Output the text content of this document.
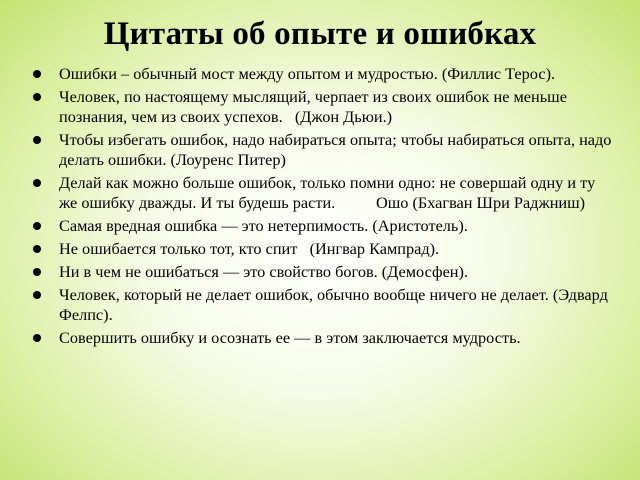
Цитаты об опыте и ошибках
Ошибки – обычный мост между опытом и мудростью. (Филлис Терос).
Человек, по настоящему мыслящий, черпает из своих ошибок не меньше познания, чем из своих успехов.   (Джон Дьюи.)
Чтобы избегать ошибок, надо набираться опыта; чтобы набираться опыта, надо делать ошибки. (Лоуренс Питер)
Делай как можно больше ошибок, только помни одно: не совершай одну и ту же ошибку дважды. И ты будешь расти.          Ошо (Бхагван Шри Раджниш)
Самая вредная ошибка — это нетерпимость. (Аристотель).
Не ошибается только тот, кто спит   (Ингвар Кампрад).
Ни в чем не ошибаться — это свойство богов. (Демосфен).
Человек, который не делает ошибок, обычно вообще ничего не делает. (Эдвард Фелпс).
Совершить ошибку и осознать ее — в этом заключается мудрость.
